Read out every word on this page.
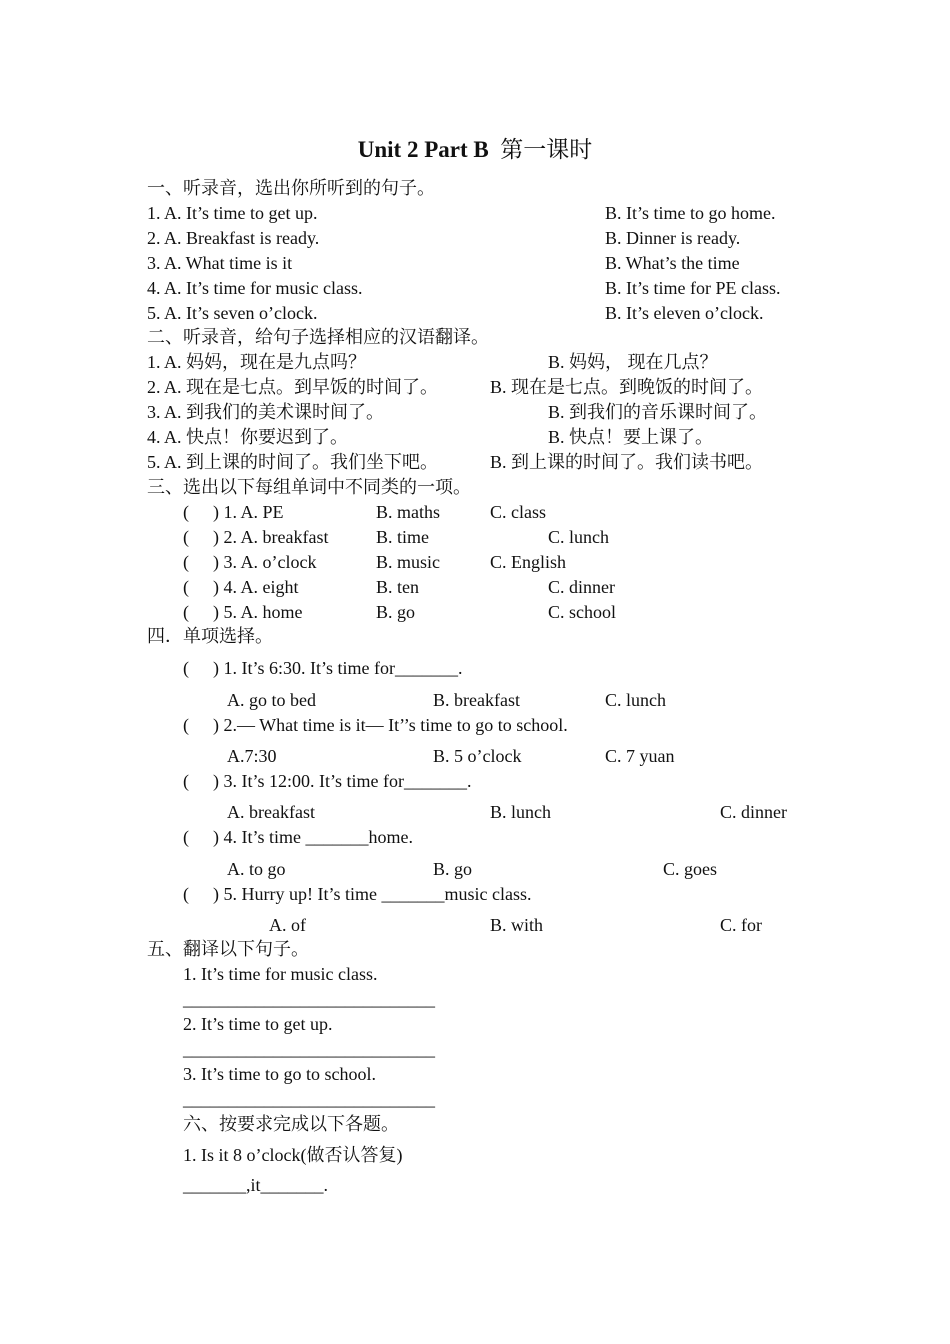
Unit 2 Part B 第一课时
一、听录音，选出你所听到的句子。
1. A. It’s time to get up.	B. It’s time to go home.
2. A. Breakfast is ready.	B. Dinner is ready.
3. A. What time is it	B. What’s the time
4. A. It’s time for music class.	B. It’s time for PE class.
5. A. It’s seven o’clock.	B. It’s eleven o’clock.
二、听录音，给句子选择相应的汉语翻译。
1. A. 妈妈，现在是九点吗？	B. 妈妈， 现在几点？
2. A. 现在是七点。到早饭的时间了。	B. 现在是七点。到晚饭的时间了。
3. A. 到我们的美术课时间了。	B. 到我们的音乐课时间了。
4. A. 快点！你要迟到了。	B. 快点！要上课了。
5. A. 到上课的时间了。我们坐下吧。	B. 到上课的时间了。我们读书吧。
三、选出以下每组单词中不同类的一项。
( ) 1. A. PE	B. maths	C. class
( ) 2. A. breakfast	B. time	C. lunch
( ) 3. A. o’clock	B. music	C. English
( ) 4. A. eight	B. ten	C. dinner
( ) 5. A. home	B. go	C. school
四．单项选择。
( ) 1. It’s 6:30. It’s time for_______.
A. go to bed	B. breakfast	C. lunch
( ) 2.— What time is it— It’’s time to go to school.
A.7:30	B. 5 o’clock	C. 7 yuan
( ) 3. It’s 12:00. It’s time for_______.
A. breakfast	B. lunch	C. dinner
( ) 4. It’s time _______home.
A. to go	B. go	C. goes
( ) 5. Hurry up! It’s time _______music class.
A. of	B. with	C. for
五、翻译以下句子。
1. It’s time for music class.
____________________________
2. It’s time to get up.
____________________________
3. It’s time to go to school.
____________________________
六、按要求完成以下各题。
1. Is it 8 o’clock(做否认答复)
_______,it_______.
